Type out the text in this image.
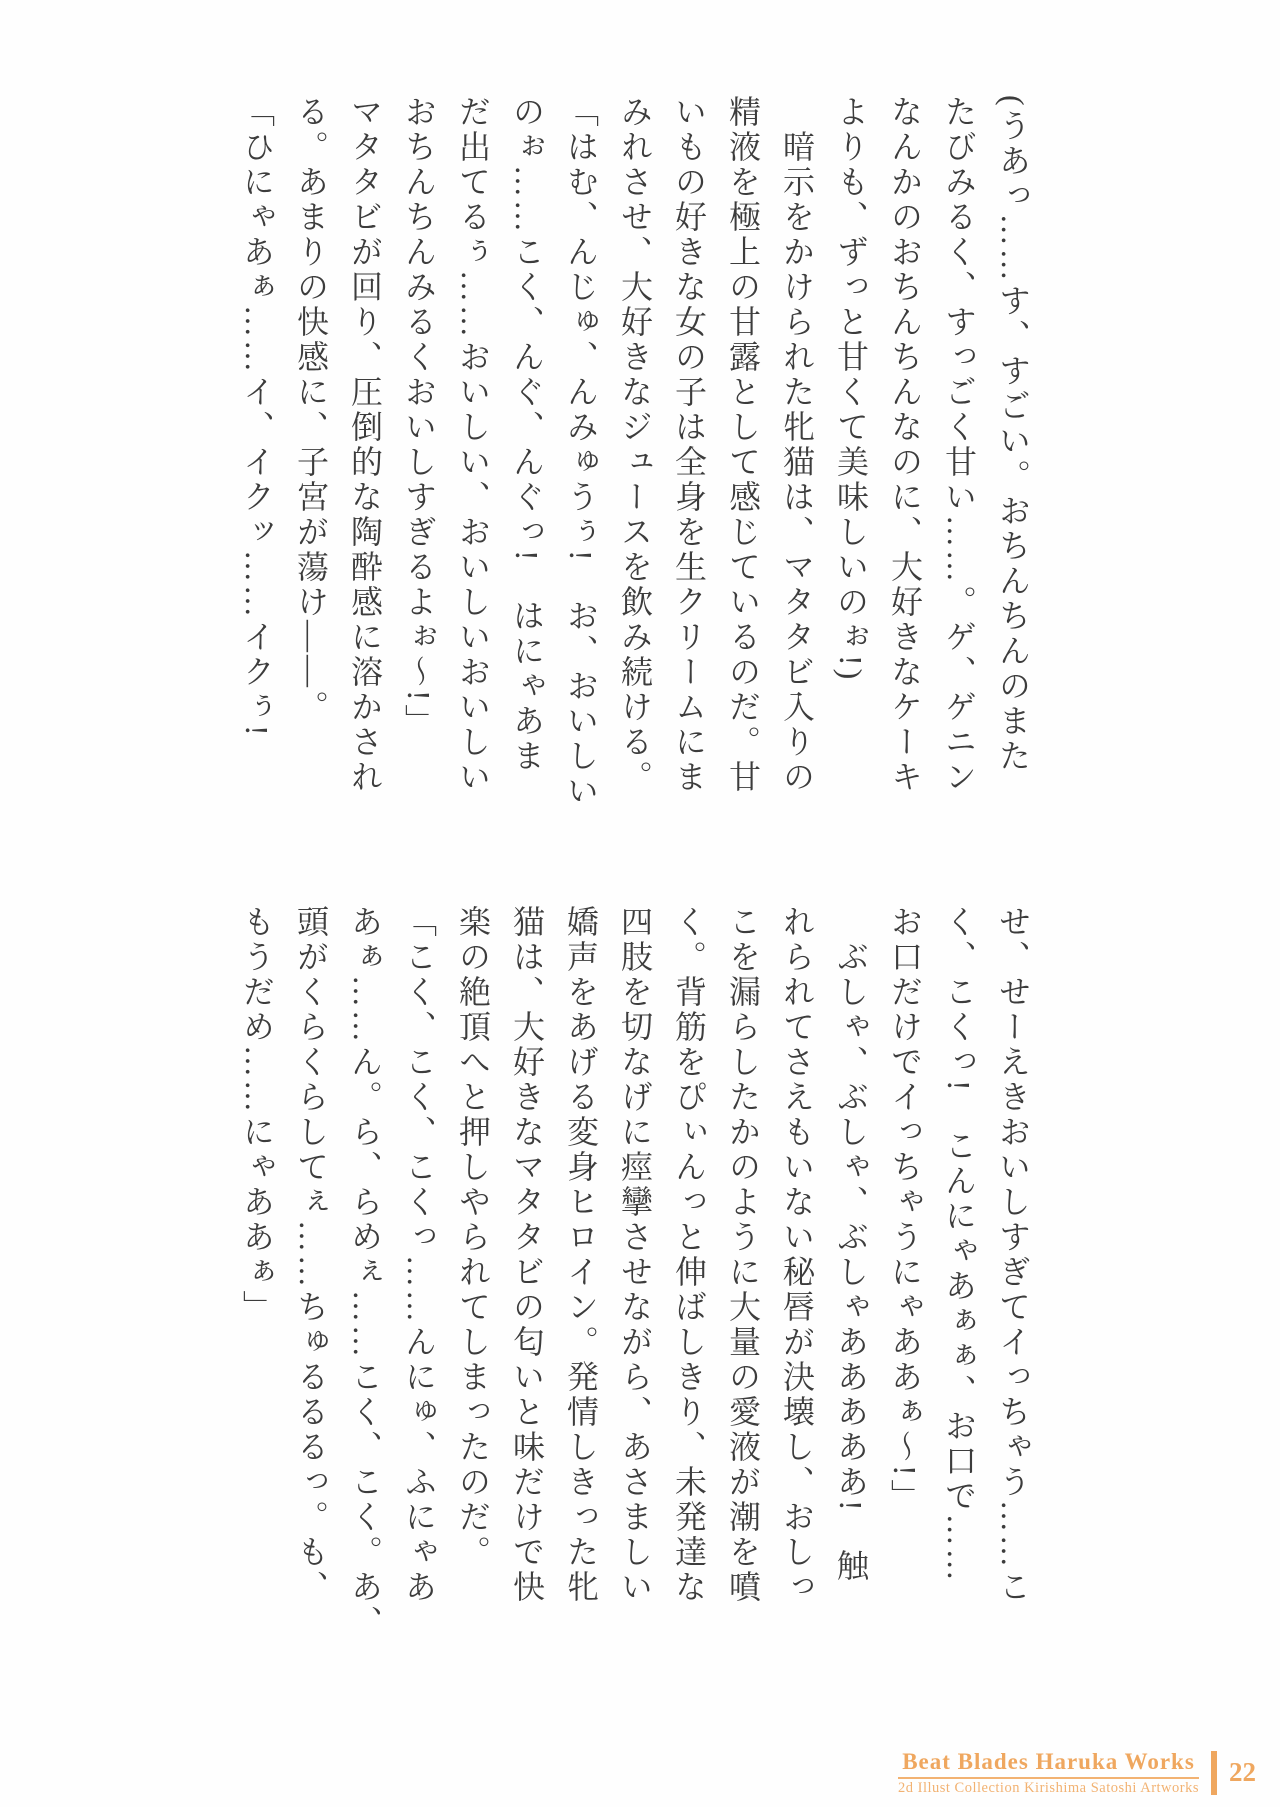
(うあっ……す、すごい。おちんちんのまた
たびみるく、すっごく甘い……。ゲ、ゲニン
なんかのおちんちんなのに、大好きなケーキ
よりも、ずっと甘くて美味しいのぉ!)
　暗示をかけられた牝猫は、マタタビ入りの
精液を極上の甘露として感じているのだ。甘
いもの好きな女の子は全身を生クリームにま
みれさせ、大好きなジュースを飲み続ける。
「はむ、んじゅ、んみゅうぅ!　お、おいしい
のぉ……こく、んぐ、んぐっ!　はにゃあま
だ出てるぅ……おいしい、おいしいおいしい
おちんちんみるくおいしすぎるよぉ〜!」
マタタビが回り、圧倒的な陶酔感に溶かされ
る。あまりの快感に、子宮が蕩け――。
「ひにゃあぁ……イ、イクッ……イクぅ!
せ、せーえきおいしすぎてイっちゃう……こ
く、こくっ!　こんにゃあぁぁ、お口で……
お口だけでイっちゃうにゃああぁ〜!」
　ぶしゃ、ぶしゃ、ぶしゃあああああ!　触
れられてさえもいない秘唇が決壊し、おしっ
こを漏らしたかのように大量の愛液が潮を噴
く。背筋をぴぃんっと伸ばしきり、未発達な
四肢を切なげに痙攣させながら、あさましい
嬌声をあげる変身ヒロイン。発情しきった牝
猫は、大好きなマタタビの匂いと味だけで快
楽の絶頂へと押しやられてしまったのだ。
「こく、こく、こくっ……んにゅ、ふにゃあ
あぁ……ん。ら、らめぇ……こく、こく。あ、
頭がくらくらしてぇ……ちゅるるるっ。も、
もうだめ……にゃああぁ」
Beat Blades Haruka Works
2d Illust Collection Kirishima Satoshi Artworks
22
